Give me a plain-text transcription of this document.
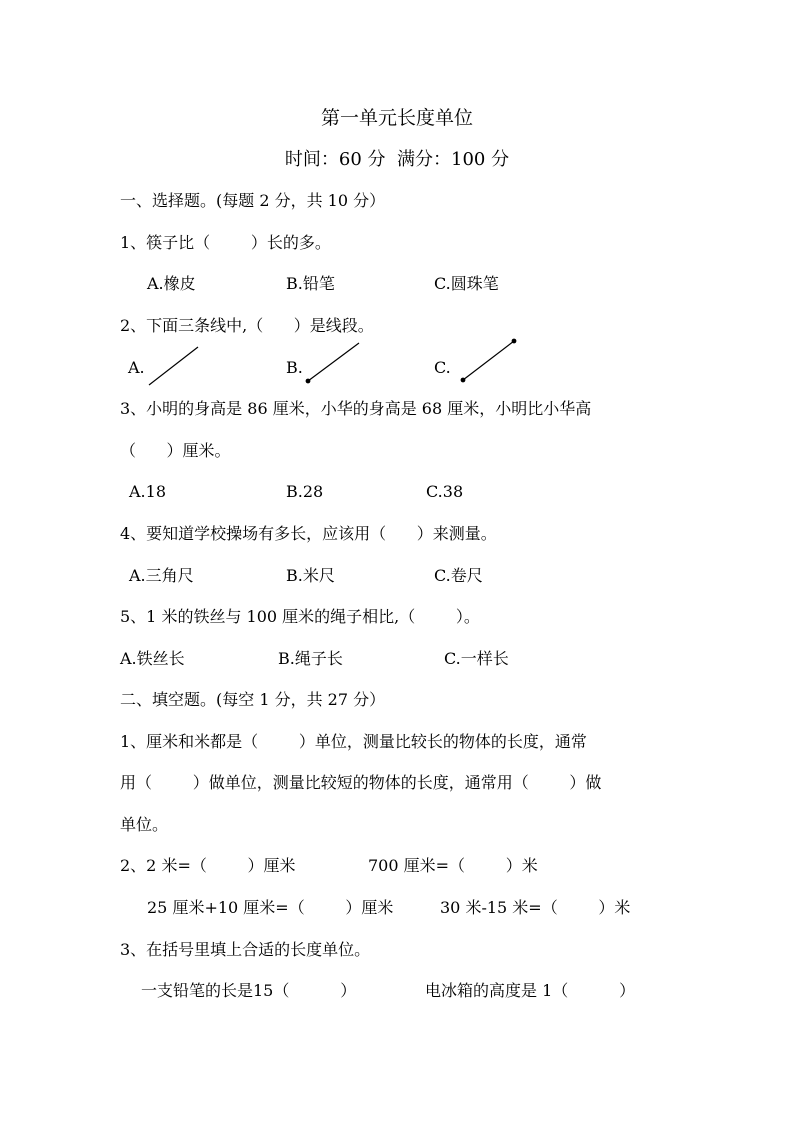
第一单元长度单位
时间：60 分  满分：100 分
一、选择题。(每题 2 分，共 10 分）
1、筷子比（        ）长的多。
A.橡皮	B.铅笔	C.圆珠笔
2、下面三条线中,（      ）是线段。
A.	B.	C.
3、小明的身高是 86 厘米，小华的身高是 68 厘米，小明比小华高
（      ）厘米。
A.18	B.28	C.38
4、要知道学校操场有多长，应该用（      ）来测量。
A.三角尺	B.米尺	C.卷尺
5、1 米的铁丝与 100 厘米的绳子相比,（        ）。
A.铁丝长	B.绳子长	C.一样长
二、填空题。(每空 1 分，共 27 分）
1、厘米和米都是（        ）单位，测量比较长的物体的长度，通常
用（        ）做单位，测量比较短的物体的长度，通常用（        ）做
单位。
2、2 米=（        ）厘米	700 厘米=（        ）米
25 厘米+10 厘米=（        ）厘米	30 米-15 米=（        ）米
3、在括号里填上合适的长度单位。
一支铅笔的长是15（          ）	电冰箱的高度是 1（          ）
